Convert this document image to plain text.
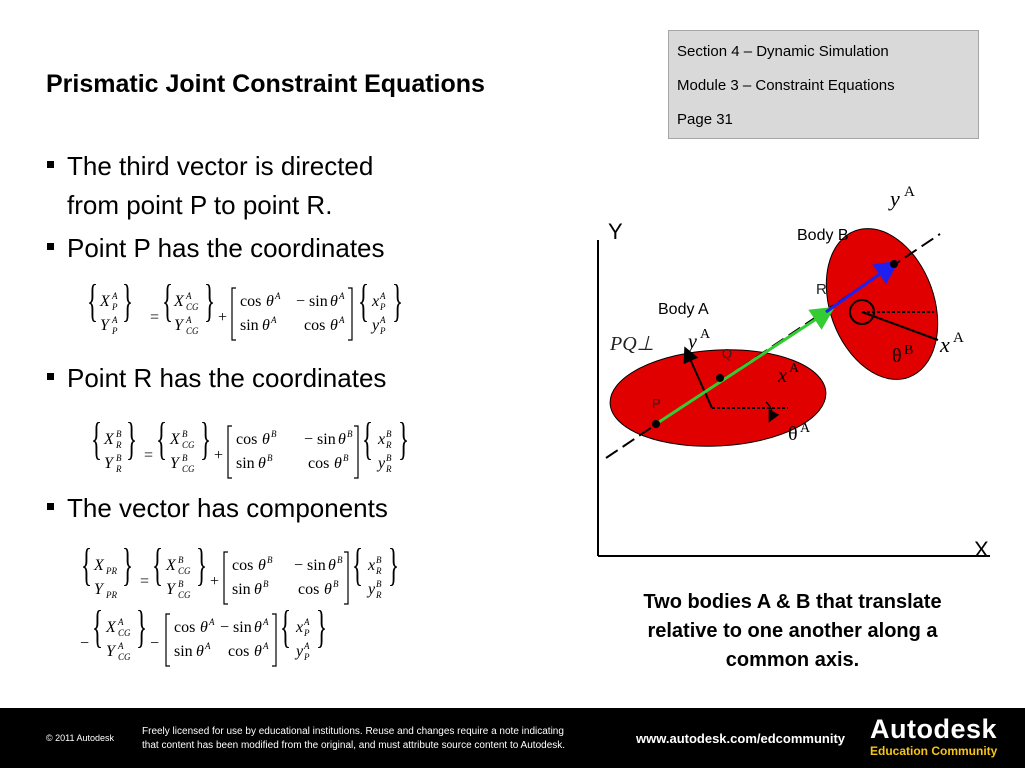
Prismatic Joint Constraint Equations
Section 4 – Dynamic Simulation
Module 3 – Constraint Equations
Page 31
The third vector is directed
from point P to point R.
Point P has the coordinates
Point R has the coordinates
The vector has components
{ X P
A
Y P
A } = { X CG
A
Y CG
A } +
cos θ A − sin θ A
sin θ A cos θ A { x P
A
y P
A }
{ X R
B
Y R
B } = { X CG
B
Y CG
B } +
cos θ B − sin θ B
sin θ B cos θ B { x R
B
y R
B }
{ X PR
Y PR
} = { X CG
B
Y CG
B } +
cos θ B − sin θ B
sin θ B cos θ B { x R
B
y R
B }
− { X CG
A
Y CG
A } −
cos θ A − sin θ A
sin θ A cos θ A { x P
A
y P
A }
Y
X
Body A
Body B
P
Q
R
PQ⊥ y A
x A
y A
x A
θ A
θ B
Two bodies A & B that translate
relative to one another along a
common axis.
© 2011 Autodesk
Freely licensed for use by educational institutions. Reuse and changes require a note indicating
that content has been modified from the original, and must attribute source content to Autodesk.	www.autodesk.com/edcommunity Autodesk
Education Community
